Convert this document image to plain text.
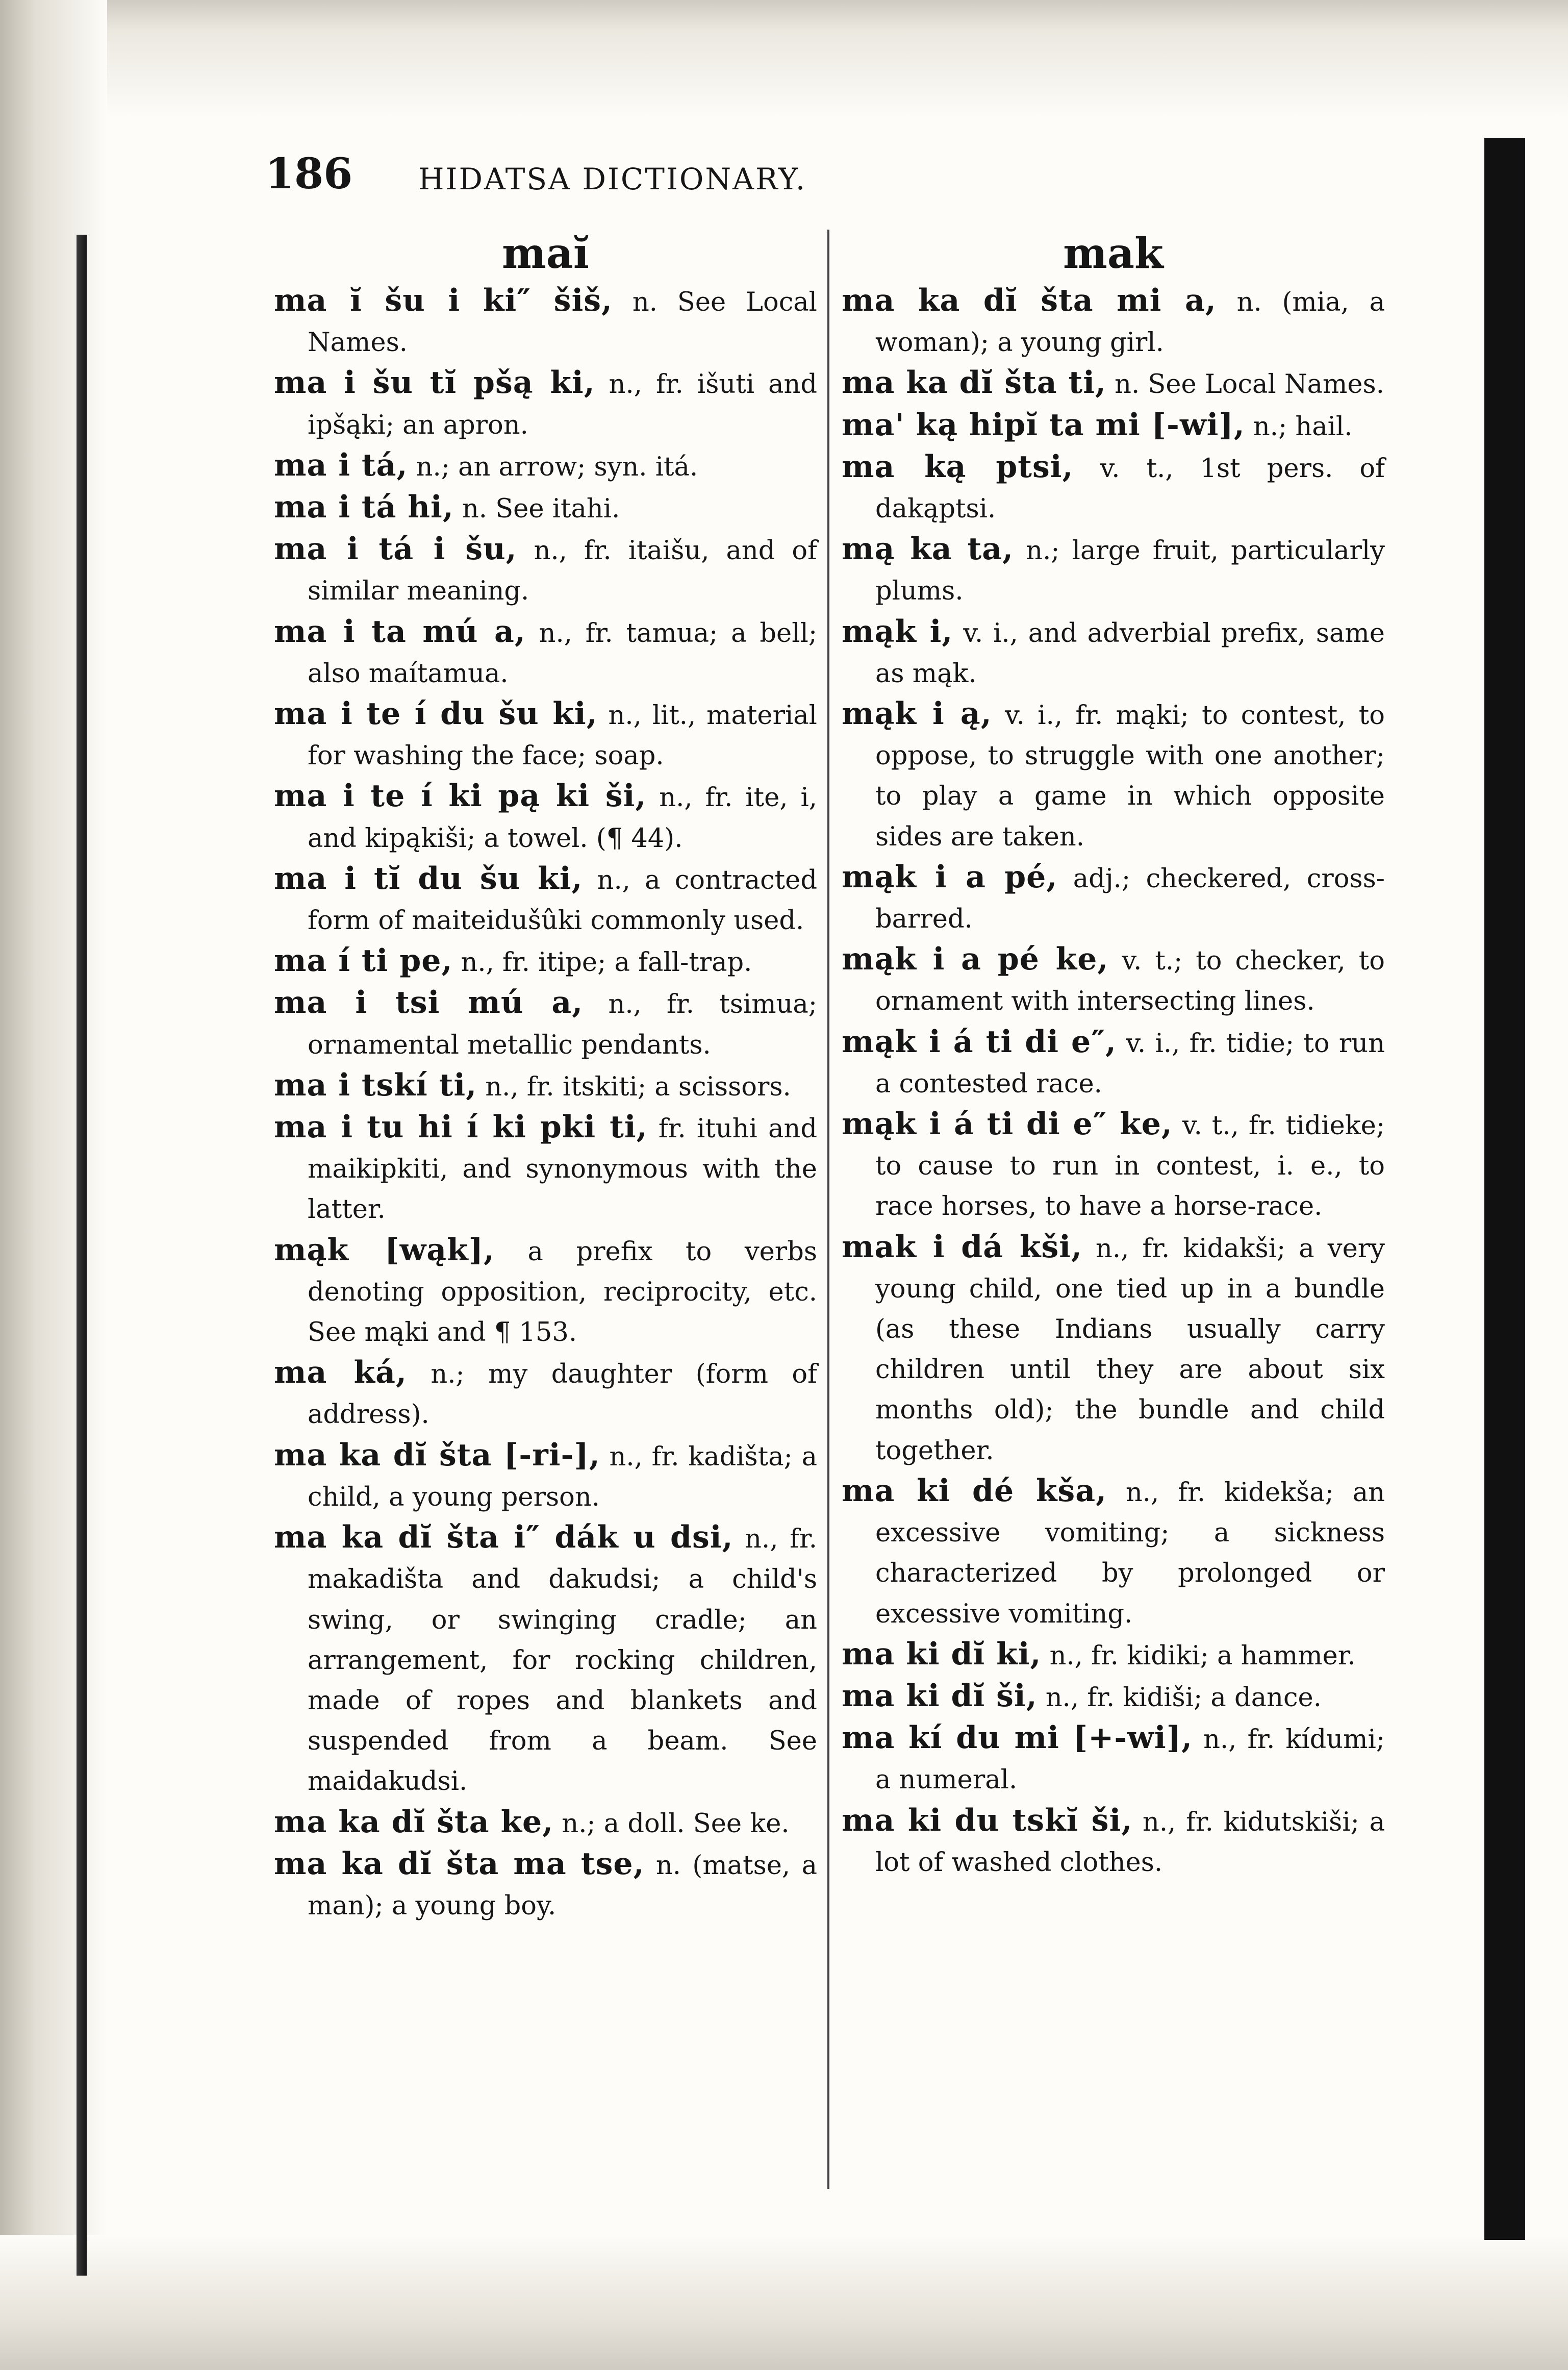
186	HIDATSA DICTIONARY.
maĭ

ma ĭ šu i ki″ šiš, n. See Local Names.

ma i šu tĭ pšą ki, n., fr. išuti and ipšąki; an apron.

ma i tá, n.; an arrow; syn. itá.

ma i tá hi, n. See itahi.

ma i tá i šu, n., fr. itaišu, and of similar meaning.

ma i ta mú a, n., fr. tamua; a bell; also maítamua.

ma i te í du šu ki, n., lit., material for washing the face; soap.

ma i te í ki pą ki ši, n., fr. ite, i, and kipąkiši; a towel. (¶ 44).

ma i tĭ du šu ki, n., a contracted form of maiteidušûki commonly used.

ma í ti pe, n., fr. itipe; a fall-trap.

ma i tsi mú a, n., fr. tsimua; ornamental metallic pendants.

ma i tskí ti, n., fr. itskiti; a scissors.

ma i tu hi í ki pki ti, fr. ituhi and maikipkiti, and synonymous with the latter.

mąk [wąk], a prefix to verbs denoting opposition, reciprocity, etc. See mąki and ¶ 153.

ma ká, n.; my daughter (form of address).

ma ka dĭ šta [-ri-], n., fr. kadišta; a child, a young person.

ma ka dĭ šta i″ dák u dsi, n., fr. makadišta and dakudsi; a child's swing, or swinging cradle; an arrangement, for rocking children, made of ropes and blankets and suspended from a beam. See maidakudsi.

ma ka dĭ šta ke, n.; a doll. See ke.

ma ka dĭ šta ma tse, n. (matse, a man); a young boy.

mak

ma ka dĭ šta mi a, n. (mia, a woman); a young girl.

ma ka dĭ šta ti, n. See Local Names.

ma' ką hipĭ ta mi [-wi], n.; hail.

ma ką ptsi, v. t., 1st pers. of dakąptsi.

mą ka ta, n.; large fruit, particularly plums.

mąk i, v. i., and adverbial prefix, same as mąk.

mąk i ą, v. i., fr. mąki; to contest, to oppose, to struggle with one another; to play a game in which opposite sides are taken.

mąk i a pé, adj.; checkered, cross-barred.

mąk i a pé ke, v. t.; to checker, to ornament with intersecting lines.

mąk i á ti di e″, v. i., fr. tidie; to run a contested race.

mąk i á ti di e″ ke, v. t., fr. tidieke; to cause to run in contest, i. e., to race horses, to have a horse-race.

mak i dá kši, n., fr. kidakši; a very young child, one tied up in a bundle (as these Indians usually carry children until they are about six months old); the bundle and child together.

ma ki dé kša, n., fr. kidekša; an excessive vomiting; a sickness characterized by prolonged or excessive vomiting.

ma ki dĭ ki, n., fr. kidiki; a hammer.

ma ki dĭ ši, n., fr. kidiši; a dance.

ma kí du mi [+-wi], n., fr. kídumi; a numeral.

ma ki du tskĭ ši, n., fr. kidutskiši; a lot of washed clothes.
